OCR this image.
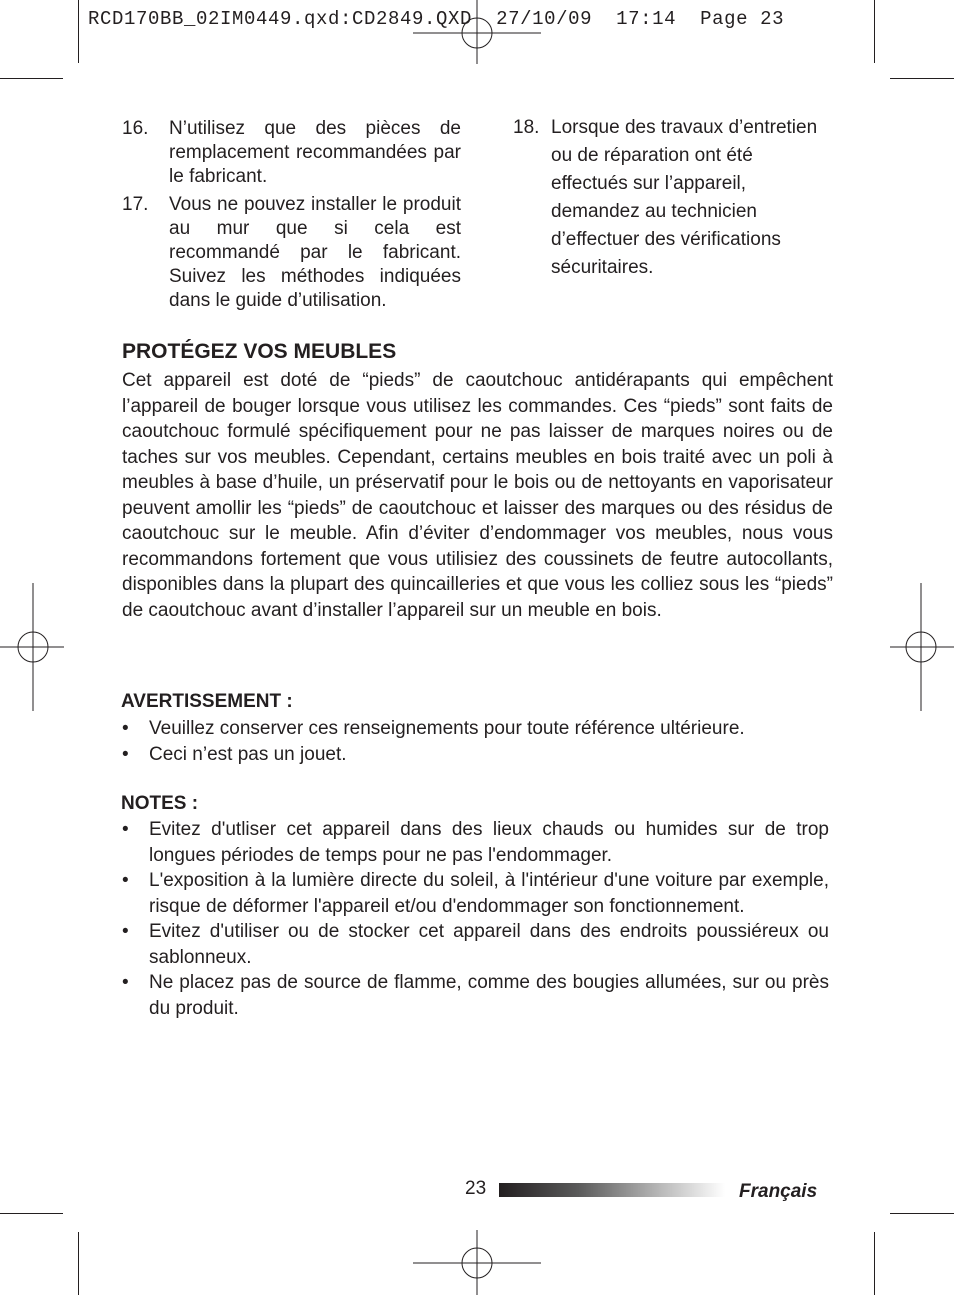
RCD170BB_02IM0449.qxd:CD2849.QXD  27/10/09  17:14  Page 23
16. N’utilisez que des pièces de remplacement recommandées par le fabricant.
17. Vous ne pouvez installer le produit au mur que si cela est recommandé par le fabricant. Suivez les méthodes indiquées dans le guide d’utilisation.
18. Lorsque des travaux d’entretien ou de réparation ont été effectués sur l’appareil, demandez au technicien d’effectuer des vérifications sécuritaires.
PROTÉGEZ VOS MEUBLES

Cet appareil est doté de “pieds” de caoutchouc antidérapants qui empêchent l’appareil de bouger lorsque vous utilisez les commandes. Ces “pieds” sont faits de caoutchouc formulé spécifiquement pour ne pas laisser de marques noires ou de taches sur vos meubles. Cependant, certains meubles en bois traité avec un poli à meubles à base d’huile, un préservatif pour le bois ou de nettoyants en vaporisateur peuvent amollir les “pieds” de caoutchouc et laisser des marques ou des résidus de caoutchouc sur le meuble. Afin d’éviter d’endommager vos meubles, nous vous recommandons fortement que vous utilisiez des coussinets de feutre autocollants, disponibles dans la plupart des quincailleries et que vous les colliez sous les “pieds” de caoutchouc avant d’installer l’appareil sur un meuble en bois.

AVERTISSEMENT :
• Veuillez conserver ces renseignements pour toute référence ultérieure.
• Ceci n’est pas un jouet.
NOTES :
• Evitez d'utliser cet appareil dans des lieux chauds ou humides sur de trop longues périodes de temps pour ne pas l'endommager.
• L'exposition à la lumière directe du soleil, à l'intérieur d'une voiture par exemple, risque de déformer l'appareil et/ou d'endommager son fonctionnement.
• Evitez d'utiliser ou de stocker cet appareil dans des endroits poussiéreux ou sablonneux.
• Ne placez pas de source de flamme, comme des bougies allumées, sur ou près du produit.
23	Français
